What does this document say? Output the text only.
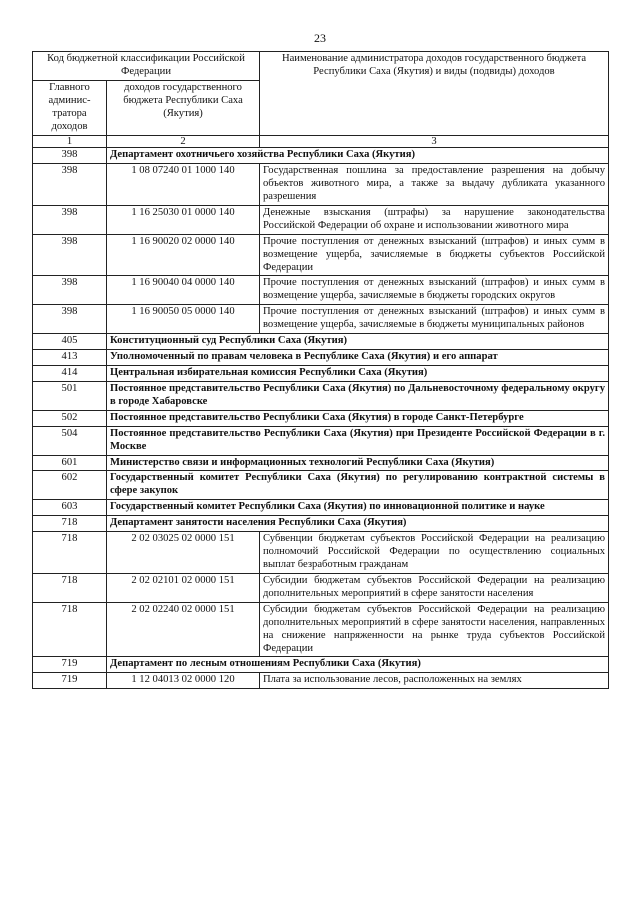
23
Код бюджетной классификации Российской Федерации		Наименование администратора доходов государственного бюджета Республики Саха (Якутия) и виды (подвиды) доходов
Главного админис-тратора доходов	доходов государственного бюджета Республики Саха (Якутия)	
1	2	3
398	Департамент охотничьего хозяйства Республики Саха (Якутия)	
398	1 08 07240 01 1000 140	Государственная пошлина за предоставление разрешения на добычу объектов животного мира, а также за выдачу дубликата указанного разрешения
398	1 16 25030 01 0000 140	Денежные взыскания (штрафы) за нарушение законодательства Российской Федерации об охране и использовании животного мира
398	1 16 90020 02 0000 140	Прочие поступления от денежных взысканий (штрафов) и иных сумм в возмещение ущерба, зачисляемые в бюджеты субъектов Российской Федерации
398	1 16 90040 04 0000 140	Прочие поступления от денежных взысканий (штрафов) и иных сумм в возмещение ущерба, зачисляемые в бюджеты городских округов
398	1 16 90050 05 0000 140	Прочие поступления от денежных взысканий (штрафов) и иных сумм в возмещение ущерба, зачисляемые в бюджеты муниципальных районов
405	Конституционный суд Республики Саха (Якутия)	
413	Уполномоченный по правам человека в Республике Саха (Якутия) и его аппарат	
414	Центральная избирательная комиссия Республики Саха (Якутия)	
501	Постоянное представительство Республики Саха (Якутия) по Дальневосточному федеральному округу в городе Хабаровске	
502	Постоянное представительство Республики Саха (Якутия) в городе Санкт-Петербурге	
504	Постоянное представительство Республики Саха (Якутия) при Президенте Российской Федерации в г. Москве	
601	Министерство связи и информационных технологий Республики Саха (Якутия)	
602	Государственный комитет Республики Саха (Якутия) по регулированию контрактной системы в сфере закупок	
603	Государственный комитет Республики Саха (Якутия) по инновационной политике и науке	
718	Департамент занятости населения Республики Саха (Якутия)	
718	2 02 03025 02 0000 151	Субвенции бюджетам субъектов Российской Федерации на реализацию полномочий Российской Федерации по осуществлению социальных выплат безработным гражданам
718	2 02 02101 02 0000 151	Субсидии бюджетам субъектов Российской Федерации на реализацию дополнительных мероприятий в сфере занятости населения
718	2 02 02240 02 0000 151	Субсидии бюджетам субъектов Российской Федерации на реализацию дополнительных мероприятий в сфере занятости населения, направленных на снижение напряженности на рынке труда субъектов Российской Федерации
719	Департамент по лесным отношениям Республики Саха (Якутия)	
719	1 12 04013 02 0000 120	Плата за использование лесов, расположенных на землях
